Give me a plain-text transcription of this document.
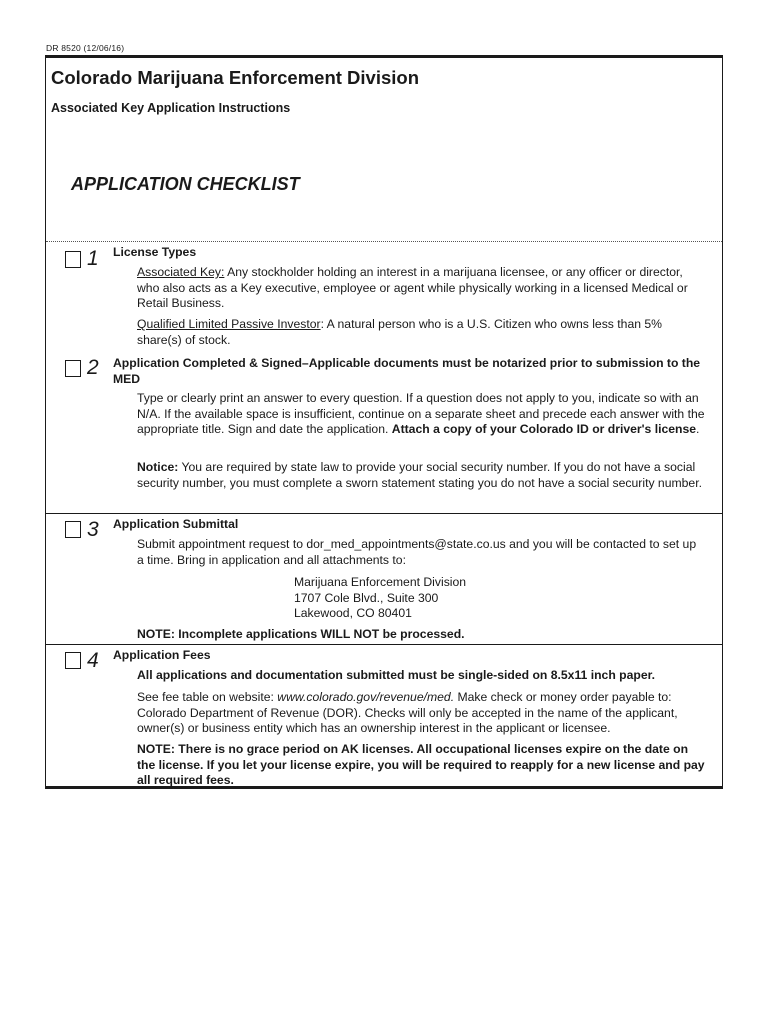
DR 8520 (12/06/16)
Colorado Marijuana Enforcement Division
Associated Key Application Instructions
APPLICATION CHECKLIST
1 License Types
Associated Key: Any stockholder holding an interest in a marijuana licensee, or any officer or director, who also acts as a Key executive, employee or agent while physically working in a licensed Medical or Retail Business.
Qualified Limited Passive Investor: A natural person who is a U.S. Citizen who owns less than 5% share(s) of stock.
2 Application Completed & Signed–Applicable documents must be notarized prior to submission to the MED
Type or clearly print an answer to every question. If a question does not apply to you, indicate so with an N/A. If the available space is insufficient, continue on a separate sheet and precede each answer with the appropriate title. Sign and date the application. Attach a copy of your Colorado ID or driver's license.
Notice: You are required by state law to provide your social security number. If you do not have a social security number, you must complete a sworn statement stating you do not have a social security number.
3 Application Submittal
Submit appointment request to dor_med_appointments@state.co.us and you will be contacted to set up a time. Bring in application and all attachments to:
Marijuana Enforcement Division
1707 Cole Blvd., Suite 300
Lakewood, CO 80401
NOTE: Incomplete applications WILL NOT be processed.
4 Application Fees
All applications and documentation submitted must be single-sided on 8.5x11 inch paper.
See fee table on website: www.colorado.gov/revenue/med. Make check or money order payable to: Colorado Department of Revenue (DOR). Checks will only be accepted in the name of the applicant, owner(s) or business entity which has an ownership interest in the applicant or licensee.
NOTE: There is no grace period on AK licenses. All occupational licenses expire on the date on the license. If you let your license expire, you will be required to reapply for a new license and pay all required fees.
